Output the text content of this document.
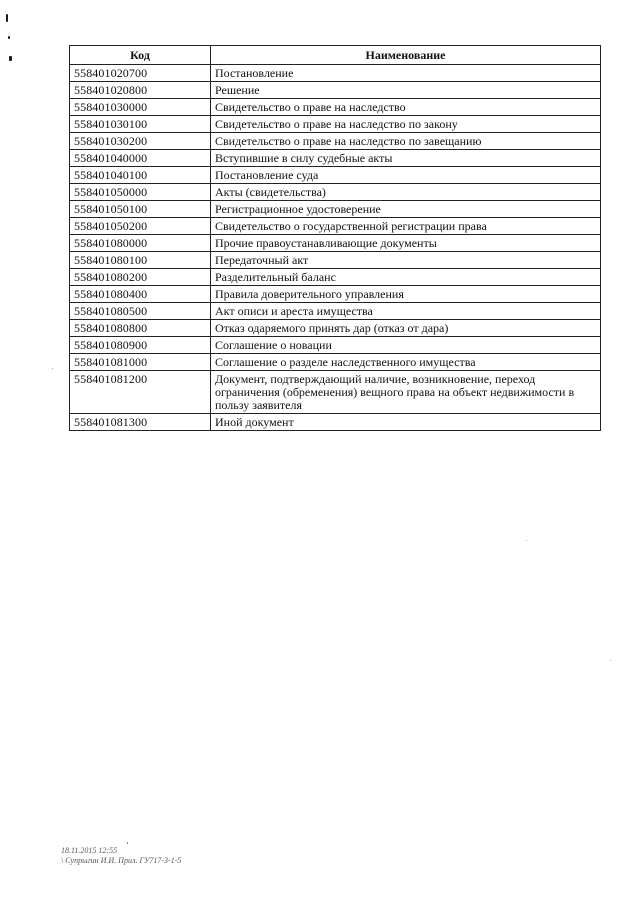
Код	Наименование
558401020700	Постановление
558401020800	Решение
558401030000	Свидетельство о праве на наследство
558401030100	Свидетельство о праве на наследство по закону
558401030200	Свидетельство о праве на наследство по завещанию
558401040000	Вступившие в силу судебные акты
558401040100	Постановление суда
558401050000	Акты (свидетельства)
558401050100	Регистрационное удостоверение
558401050200	Свидетельство о государственной регистрации права
558401080000	Прочие правоустанавливающие документы
558401080100	Передаточный акт
558401080200	Разделительный баланс
558401080400	Правила доверительного управления
558401080500	Акт описи и ареста имущества
558401080800	Отказ одаряемого принять дар (отказ от дара)
558401080900	Соглашение о новации
558401081000	Соглашение о разделе наследственного имущества
558401081200	Документ, подтверждающий наличие, возникновение, переход ограничения (обременения) вещного права на объект недвижимости в пользу заявителя
558401081300	Иной документ
18.11.2015 12:55
\ Супрыгин И.И. Прил. ГУ717-3-1-5
